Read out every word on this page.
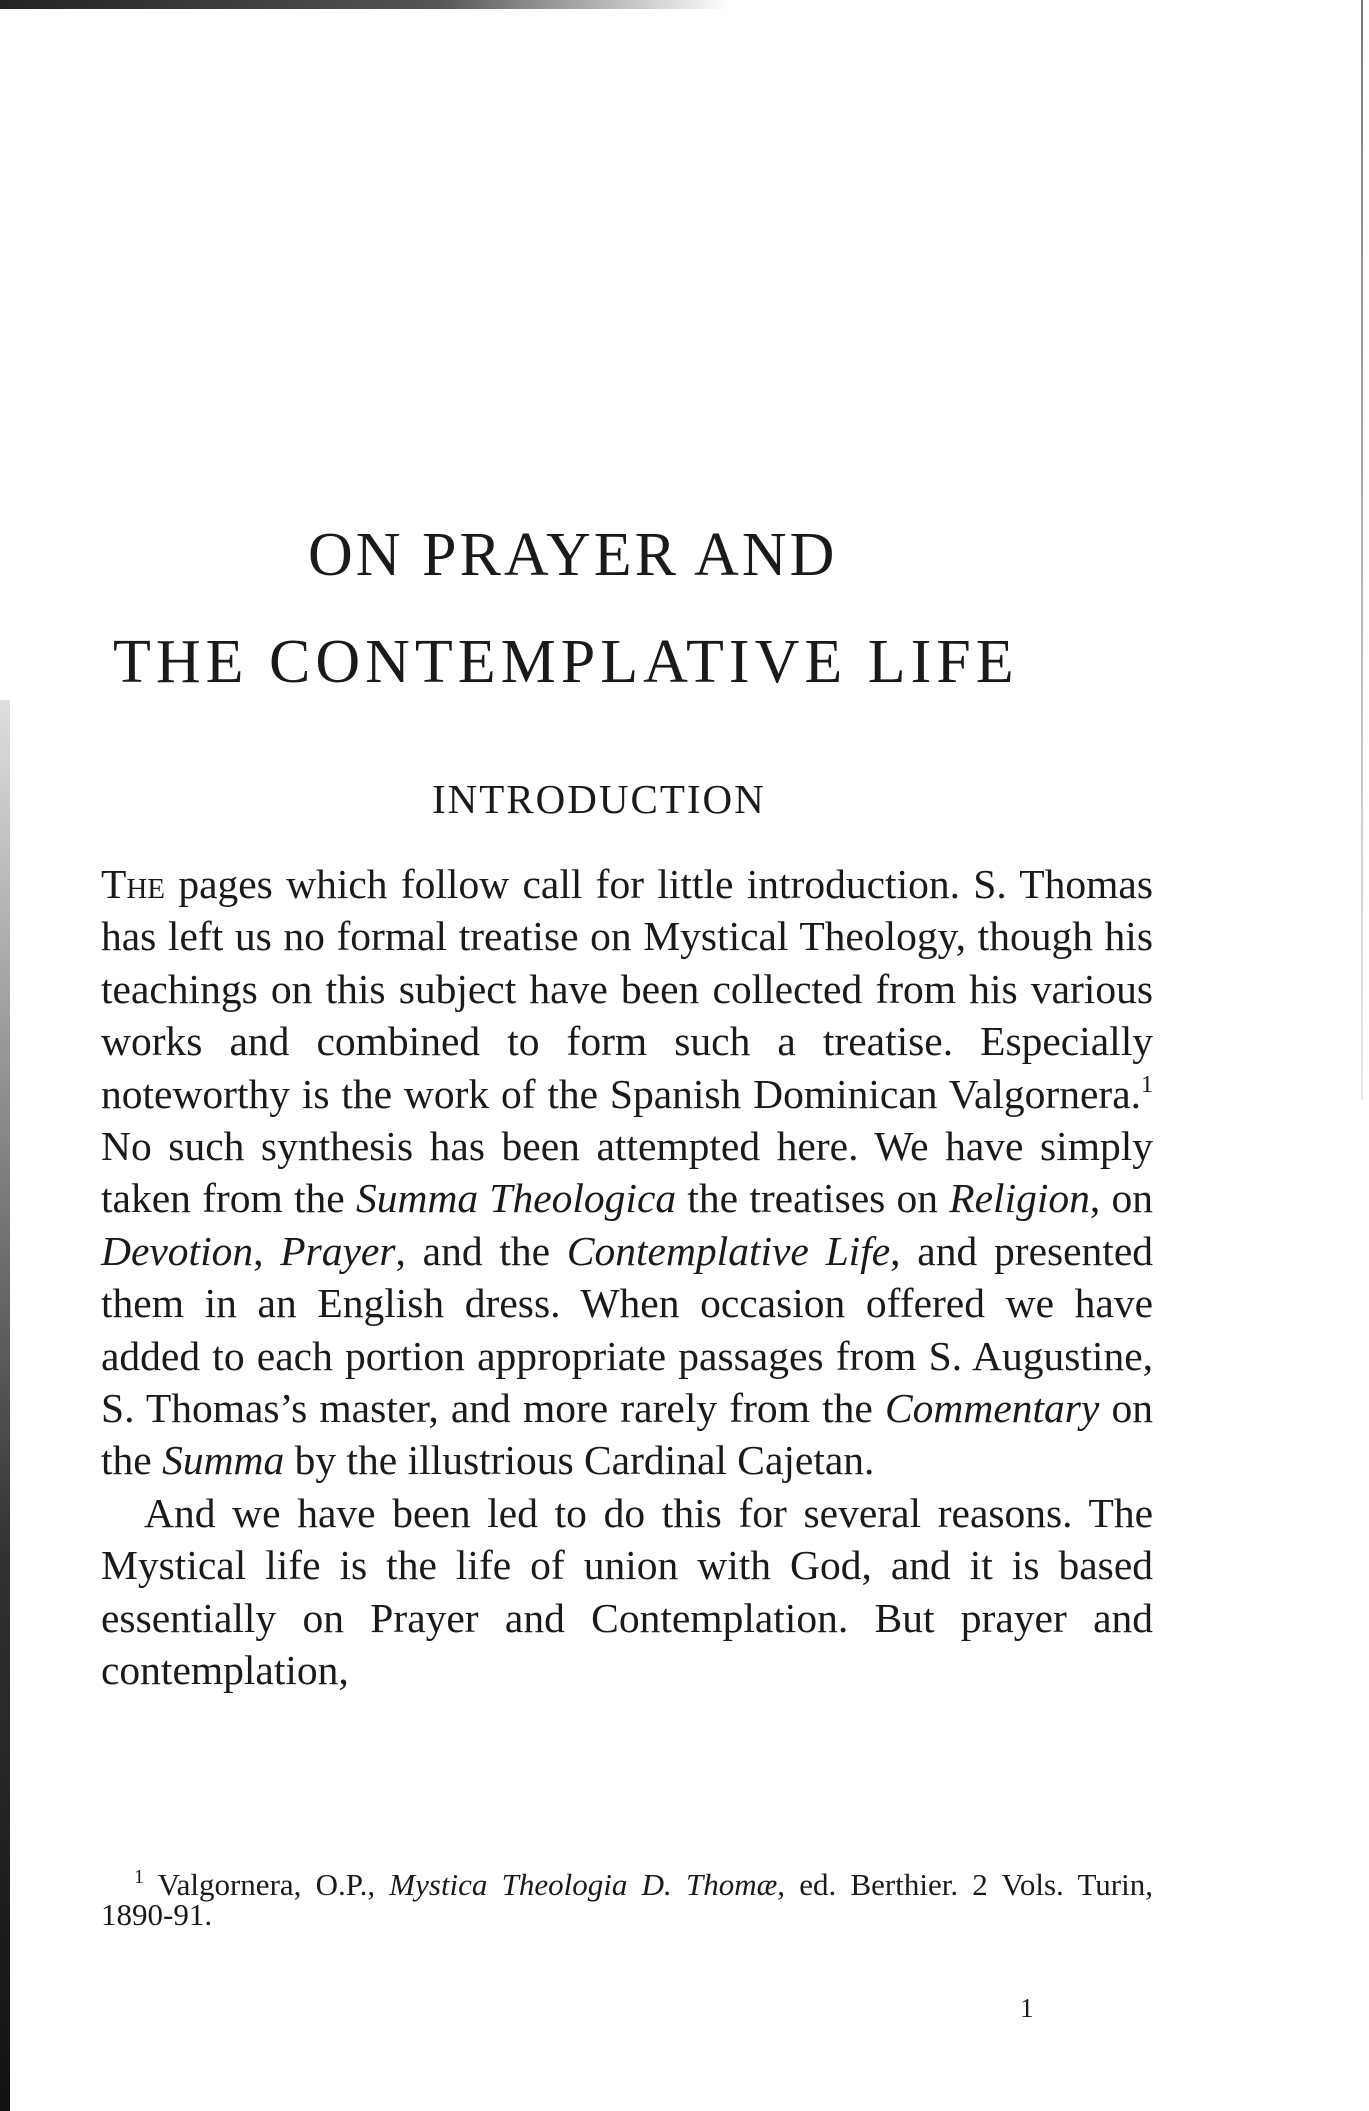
ON PRAYER AND
THE CONTEMPLATIVE LIFE
INTRODUCTION

The pages which follow call for little introduction. S. Thomas has left us no formal treatise on Mystical Theology, though his teachings on this subject have been collected from his various works and combined to form such a treatise. Especially noteworthy is the work of the Spanish Dominican Valgornera.$^1$ No such synthesis has been attempted here. We have simply taken from the Summa Theologica the treatises on Religion, on Devotion, Prayer, and the Contemplative Life, and presented them in an English dress. When occasion offered we have added to each portion appropriate passages from S. Augustine, S. Thomas’s master, and more rarely from the Commentary on the Summa by the illustrious Cardinal Cajetan.

And we have been led to do this for several reasons. The Mystical life is the life of union with God, and it is based essentially on Prayer and Contemplation. But prayer and contemplation,

$^1$ Valgornera, O.P., Mystica Theologia D. Thomæ, ed. Berthier. 2 Vols. Turin, 1890-91.

1
